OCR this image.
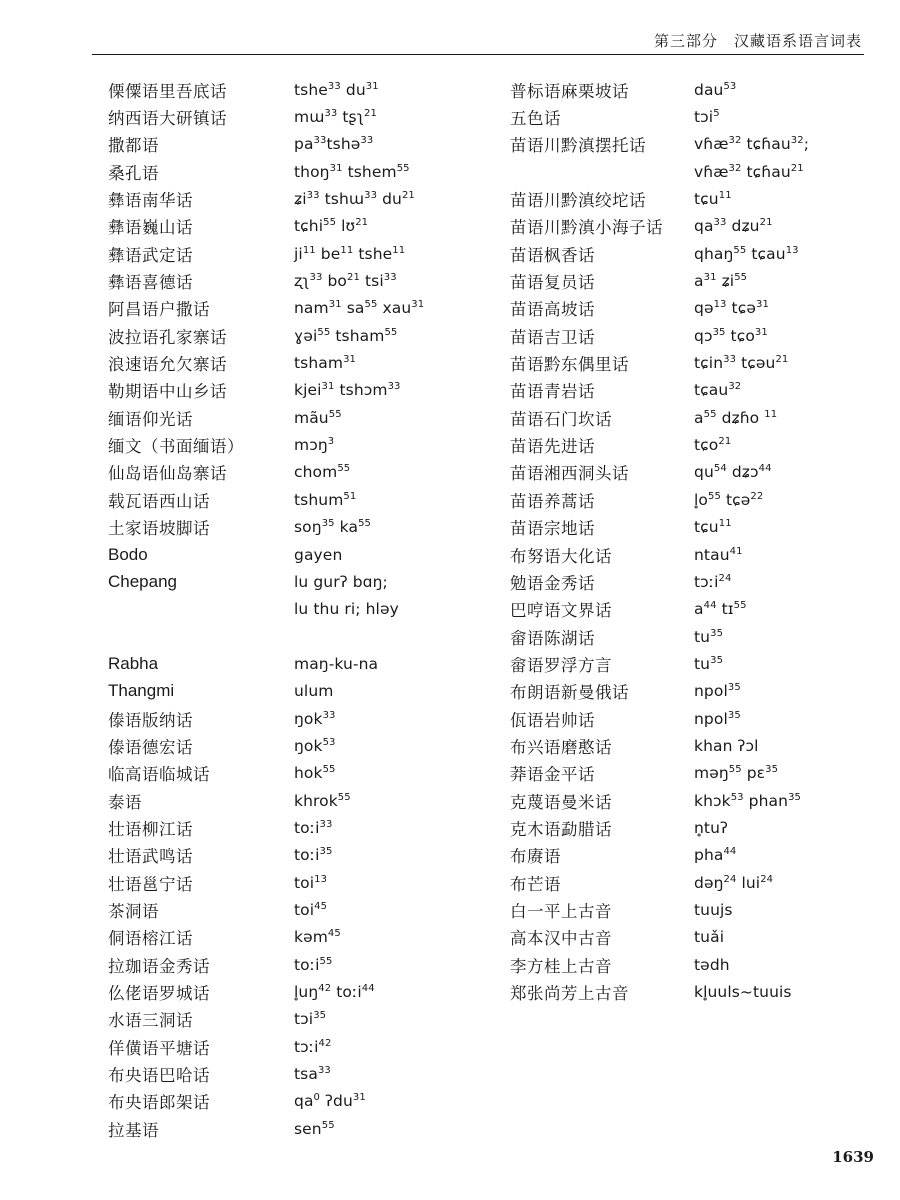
第三部分　汉藏语系语言词表
傈僳语里吾底话	tshe$^{33}$ $du^{31}$
纳西语大研镇话	mɯ$^{33}$ tʂʅ$^{21}$
撒都语	$pa^{33}tshə^{33}$
桑孔语	thoŋ$^{31}$ tshem$^{55}$
彝语南华话	ʑi$^{33}$ tshɯ$^{33}$ $du^{21}$
彝语巍山话	tɕhi$^{55}$ lʊ$^{21}$
彝语武定话	$ji^{11}$ $be^{11}$ tshe$^{11}$
彝语喜德话	ʐʅ$^{33}$ $bo^{21}$ tsi$^{33}$
阿昌语户撒话	nam$^{31}$ $sa^{55}$ xau$^{31}$
波拉语孔家寨话	ɣəi$^{55}$ tsham$^{55}$
浪速语允欠寨话	tsham$^{31}$
勒期语中山乡话	kjei$^{31}$ tshɔm$^{33}$
缅语仰光话	mãu$^{55}$
缅文（书面缅语）	mɔŋ$^3$
仙岛语仙岛寨话	chom$^{55}$
载瓦语西山话	tshum$^{51}$
土家语坡脚话	soŋ$^{35}$ $ka^{55}$
Bodo	gayen
Chepang	lu gurʔ bɑŋ;
lu thu ri; hləy
Rabha	maŋ-ku-na
Thangmi	ulum
傣语版纳话	ŋok$^{33}$
傣语德宏话	ŋok$^{53}$
临高语临城话	hok$^{55}$
泰语	khrok$^{55}$
壮语柳江话	toːi$^{33}$
壮语武鸣话	toːi$^{35}$
壮语邕宁话	toi$^{13}$
茶洞语	toi$^{45}$
侗语榕江话	kəm$^{45}$
拉珈语金秀话	toːi$^{55}$
仫佬语罗城话	$l̥uŋ^{42}$ toːi$^{44}$
水语三洞话	tɔi$^{35}$
佯僙语平塘话	tɔːi$^{42}$
布央语巴哈话	tsa$^{33}$
布央语郎架话	$qa^0$ ʔdu$^{31}$
拉基语	sen$^{55}$
普标语麻栗坡话	dau$^{53}$
五色话	tɔi$^5$
苗语川黔滇摆托话	vɦæ$^{32}$ tɕɦau$^{32}$;
vɦæ$^{32}$ tɕɦau$^{21}$
苗语川黔滇绞坨话	tɕu$^{11}$
苗语川黔滇小海子话	$qa^{33}$ dʑu$^{21}$
苗语枫香话	qhaŋ$^{55}$ tɕau$^{13}$
苗语复员话	$a^{31}$ ʑi$^{55}$
苗语高坡话	qə$^{13}$ tɕə$^{31}$
苗语吉卫话	qɔ$^{35}$ tɕo$^{31}$
苗语黔东偶里话	tɕin$^{33}$ tɕəu$^{21}$
苗语青岩话	tɕau$^{32}$
苗语石门坎话	$a^{55}$ dʑɦo $^{11}$
苗语先进话	tɕo$^{21}$
苗语湘西洞头话	$qu^{54}$ dʑɔ$^{44}$
苗语养蒿话	$l̥o^{55}$ tɕə$^{22}$
苗语宗地话	tɕu$^{11}$
布努语大化话	ntau$^{41}$
勉语金秀话	tɔːi$^{24}$
巴哼语文界话	$a^{44}$ tɪ$^{55}$
畲语陈湖话	$tu^{35}$
畲语罗浮方言	$tu^{35}$
布朗语新曼俄话	npol$^{35}$
佤语岩帅话	npol$^{35}$
布兴语磨憨话	khan ʔɔl
莽语金平话	məŋ$^{55}$ pɛ$^{35}$
克蔑语曼米话	khɔk$^{53}$ phan$^{35}$
克木语勐腊话	n̥tuʔ
布赓语	pha$^{44}$
布芒语	dəŋ$^{24}$ lui$^{24}$
白一平上古音	tuujs
高本汉中古音	tuǎi
李方桂上古音	tədh
郑张尚芳上古音	kl̥uuls~tuuis
1639
